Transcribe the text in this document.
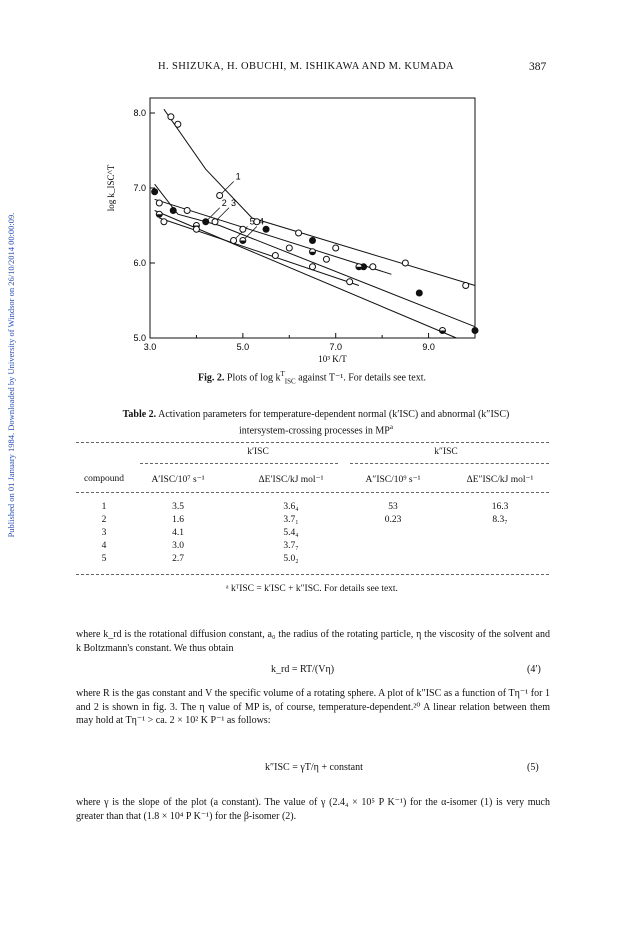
Published on 01 January 1984. Downloaded by University of Windsor on 26/10/2014 00:00:09.
H. SHIZUKA, H. OBUCHI, M. ISHIKAWA AND M. KUMADA	387
3.0	5.0	7.0	9.0
5.0
6.0
7.0
8.0
10³ K/T
log k_ISC^T	1
2 3
4
5
Fig. 2. Plots of $\log k^T_{ISC}$ against T⁻¹. For details see text.
Table 2. Activation parameters for temperature-dependent normal (k′ISC) and abnormal (k″ISC)
intersystem-crossing processes in $MP^a$
k′ISC	k″ISC
compound	A′ISC/10⁷ s⁻¹	ΔE′ISC/kJ mol⁻¹	A″ISC/10⁹ s⁻¹	ΔE″ISC/kJ mol⁻¹
1	3.5	3.6₄	53	16.3
2	1.6	3.7₁	0.23	8.3₇
3	4.1	5.4₄
4	3.0	3.7₇
5	2.7	5.0₂
ᵃ kᵀISC = k′ISC + k″ISC. For details see text.
where k_rd is the rotational diffusion constant, a₀ the radius of the rotating particle, η the viscosity of the solvent and k Boltzmann's constant. We thus obtain
k_rd = RT/(Vη)	(4′)
where R is the gas constant and V the specific volume of a rotating sphere. A plot of k″ISC as a function of Tη⁻¹ for 1 and 2 is shown in fig. 3. The η value of MP is, of course, temperature-dependent.²⁰ A linear relation between them may hold at Tη⁻¹ > ca. 2 × 10² K P⁻¹ as follows:
k″ISC = γT/η + constant	(5)
where γ is the slope of the plot (a constant). The value of γ (2.4₄ × 10⁵ P K⁻¹) for the α-isomer (1) is very much greater than that (1.8 × 10⁴ P K⁻¹) for the β-isomer (2).
